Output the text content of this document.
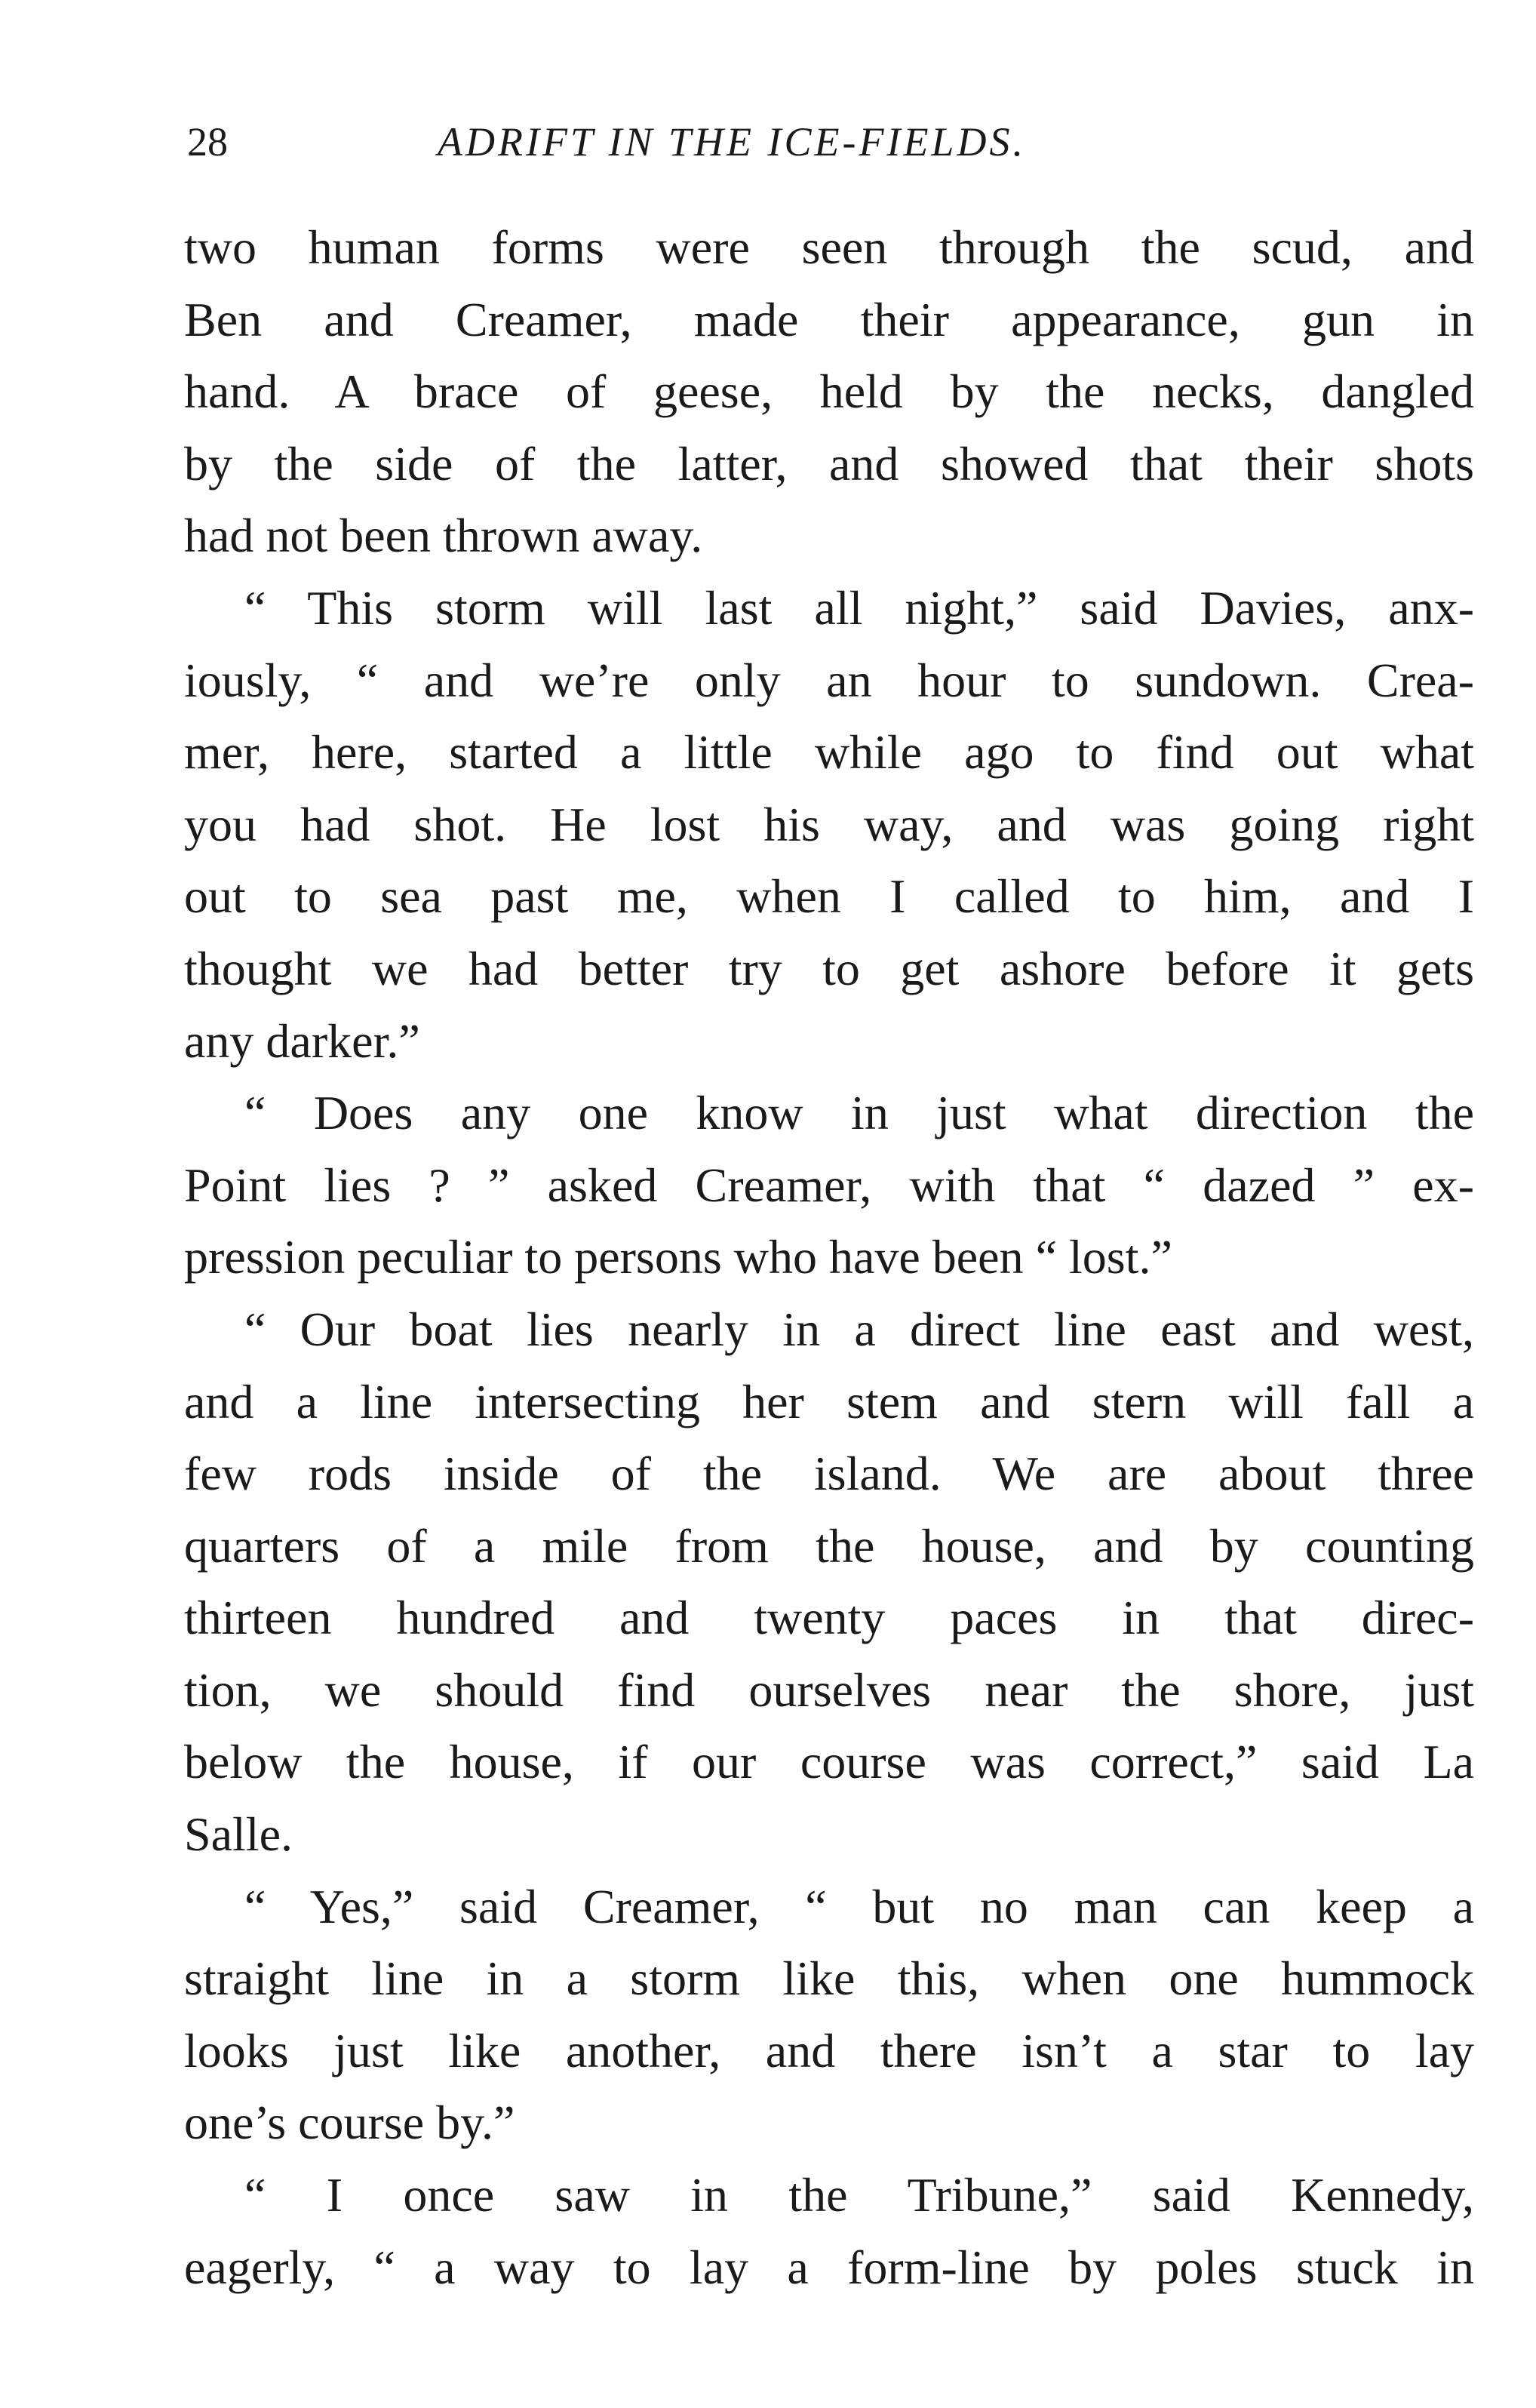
28	ADRIFT IN THE ICE-FIELDS.
two human forms were seen through the scud, and
Ben and Creamer, made their appearance, gun in
hand. A brace of geese, held by the necks, dangled
by the side of the latter, and showed that their shots
had not been thrown away.
“ This storm will last all night,” said Davies, anx-
iously, “ and we’re only an hour to sundown. Crea-
mer, here, started a little while ago to find out what
you had shot. He lost his way, and was going right
out to sea past me, when I called to him, and I
thought we had better try to get ashore before it gets
any darker.”
“ Does any one know in just what direction the
Point lies ? ” asked Creamer, with that “ dazed ” ex-
pression peculiar to persons who have been “ lost.”
“ Our boat lies nearly in a direct line east and west,
and a line intersecting her stem and stern will fall a
few rods inside of the island. We are about three
quarters of a mile from the house, and by counting
thirteen hundred and twenty paces in that direc-
tion, we should find ourselves near the shore, just
below the house, if our course was correct,” said La
Salle.
“ Yes,” said Creamer, “ but no man can keep a
straight line in a storm like this, when one hummock
looks just like another, and there isn’t a star to lay
one’s course by.”
“ I once saw in the Tribune,” said Kennedy,
eagerly, “ a way to lay a form-line by poles stuck in
